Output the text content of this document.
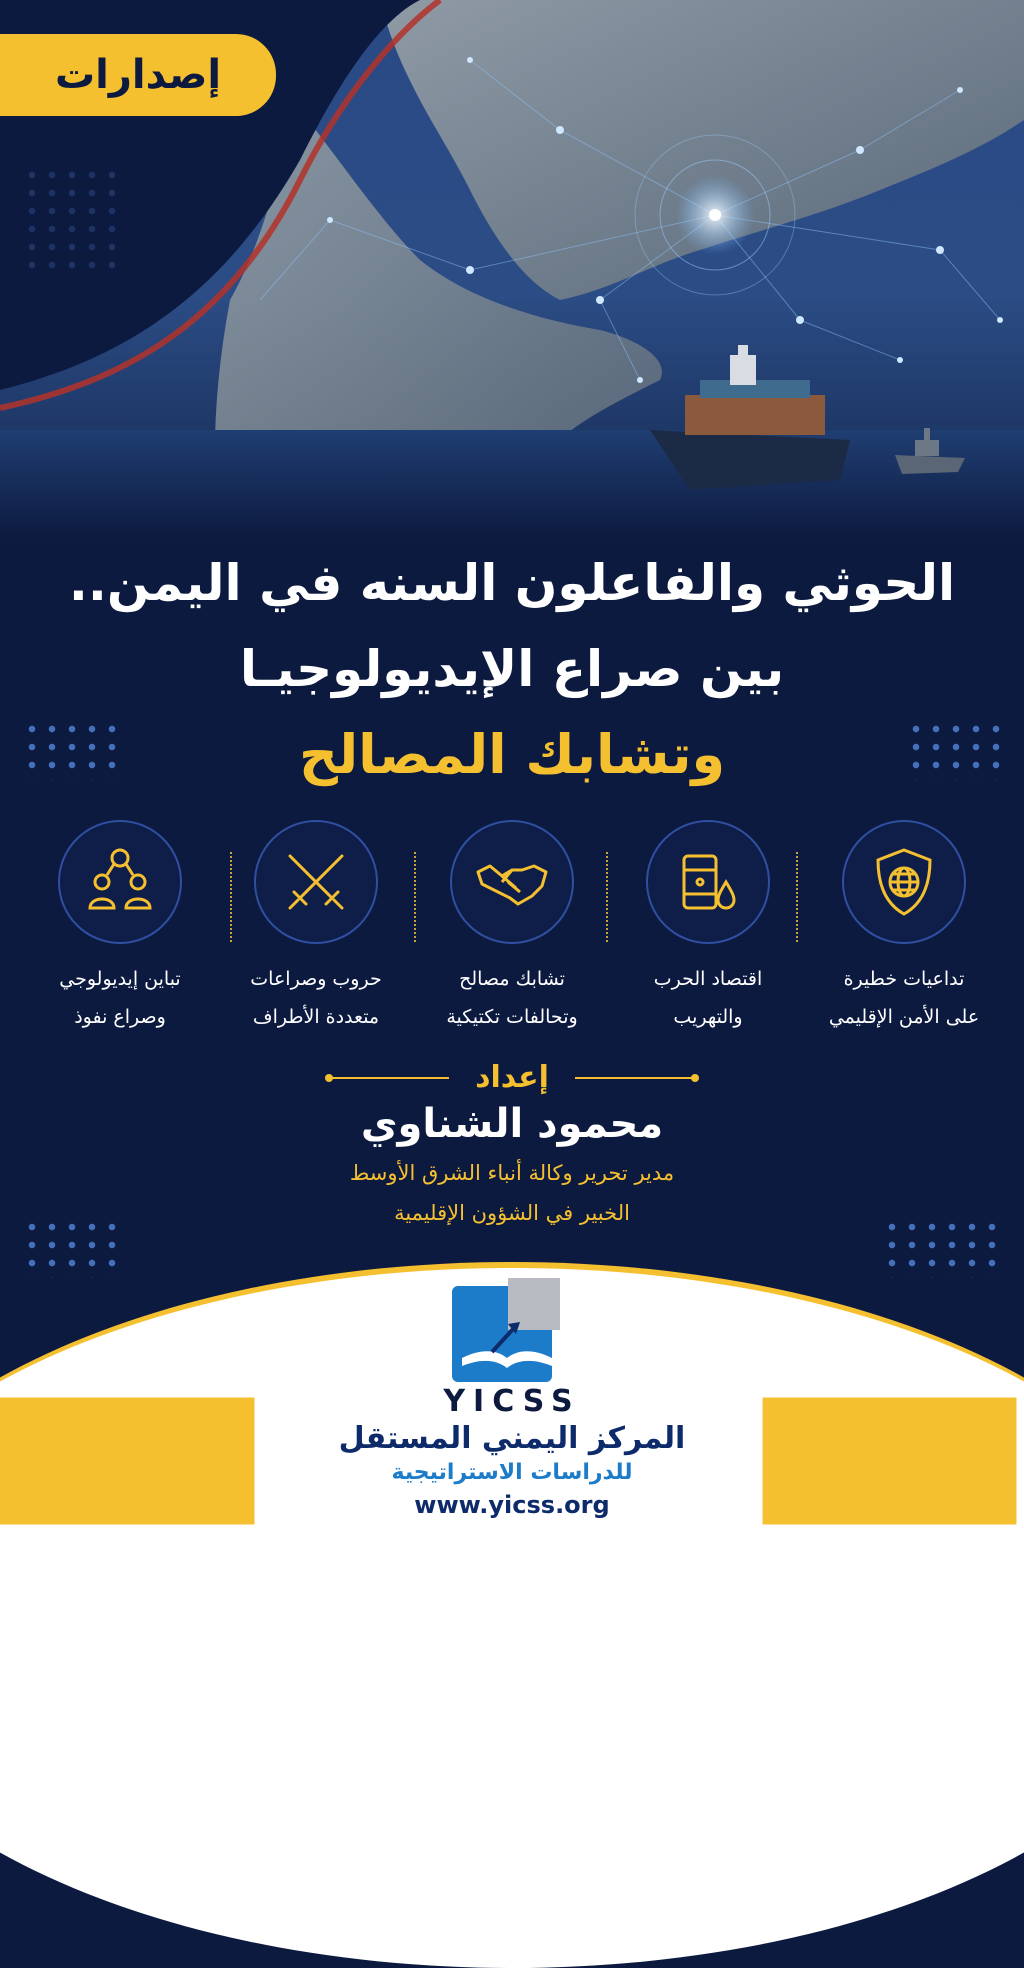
إصدارات
الحوثي والفاعلون السنه في اليمن..
بين صراع الإيديولوجيـا
وتشابك المصالح
تداعيات خطيرة
على الأمن الإقليمي
اقتصاد الحرب
والتهريب
تشابك مصالح
وتحالفات تكتيكية
حروب وصراعات
متعددة الأطراف
تباين إيديولوجي
وصراع نفوذ
إعداد
محمود الشناوي
مدير تحرير وكالة أنباء الشرق الأوسط
الخبير في الشؤون الإقليمية
YICSS
المركز اليمني المستقل
للدراسات الاستراتيجية
www.yicss.org
